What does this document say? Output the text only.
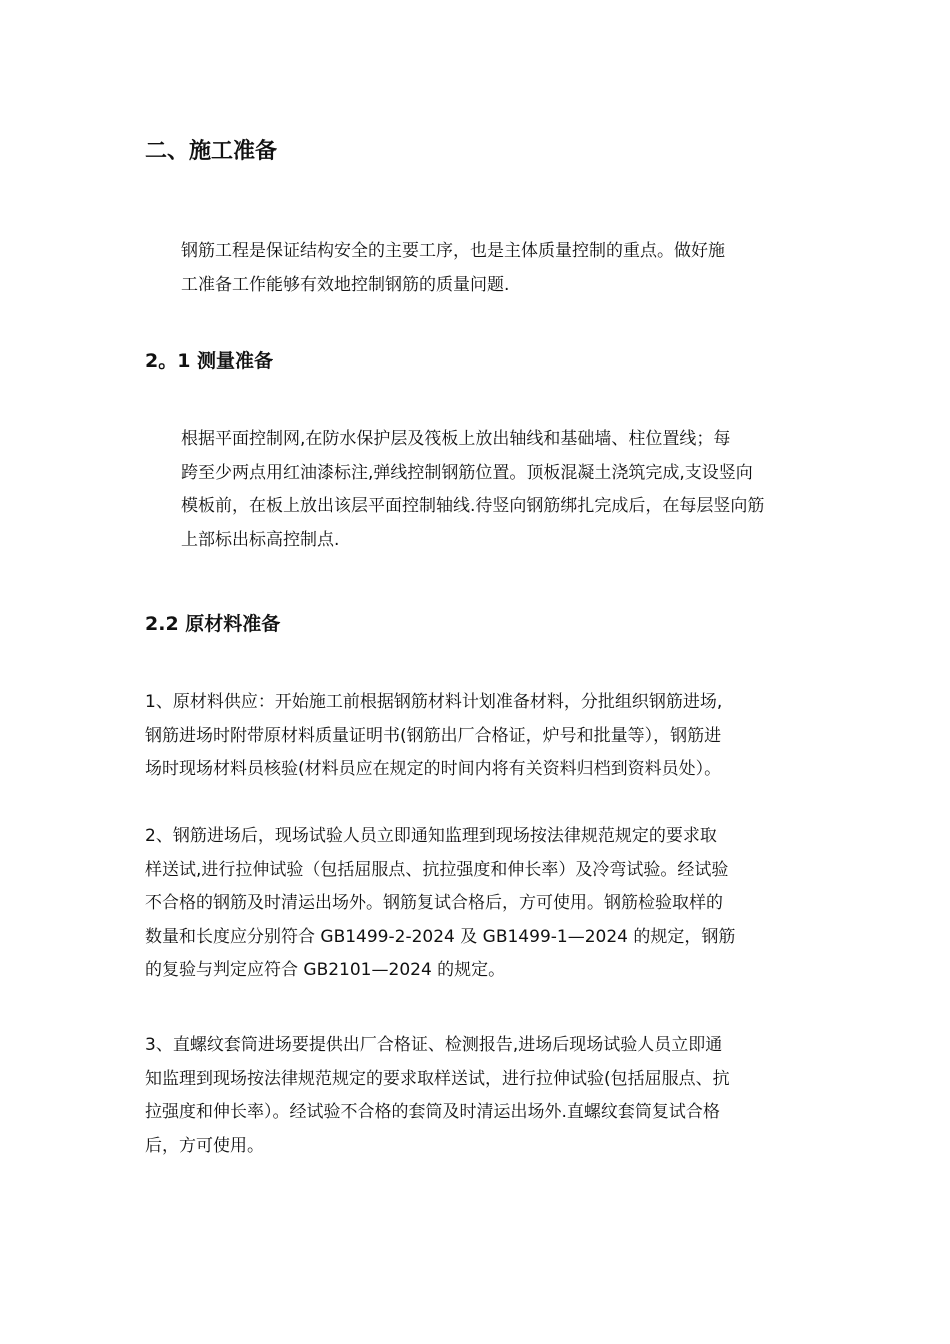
二、施工准备

钢筋工程是保证结构安全的主要工序，也是主体质量控制的重点。做好施
工准备工作能够有效地控制钢筋的质量问题.

2。1 测量准备

根据平面控制网,在防水保护层及筏板上放出轴线和基础墙、柱位置线；每
跨至少两点用红油漆标注,弹线控制钢筋位置。顶板混凝土浇筑完成,支设竖向
模板前，在板上放出该层平面控制轴线.待竖向钢筋绑扎完成后，在每层竖向筋
上部标出标高控制点.

2.2 原材料准备

1、原材料供应：开始施工前根据钢筋材料计划准备材料，分批组织钢筋进场,
钢筋进场时附带原材料质量证明书(钢筋出厂合格证，炉号和批量等），钢筋进
场时现场材料员核验(材料员应在规定的时间内将有关资料归档到资料员处）。

2、钢筋进场后，现场试验人员立即通知监理到现场按法律规范规定的要求取
样送试,进行拉伸试验（包括屈服点、抗拉强度和伸长率）及冷弯试验。经试验
不合格的钢筋及时清运出场外。钢筋复试合格后，方可使用。钢筋检验取样的
数量和长度应分别符合 GB1499-2-2024 及 GB1499-1—2024 的规定，钢筋
的复验与判定应符合 GB2101—2024 的规定。

3、直螺纹套筒进场要提供出厂合格证、检测报告,进场后现场试验人员立即通
知监理到现场按法律规范规定的要求取样送试，进行拉伸试验(包括屈服点、抗
拉强度和伸长率）。经试验不合格的套筒及时清运出场外.直螺纹套筒复试合格
后，方可使用。
